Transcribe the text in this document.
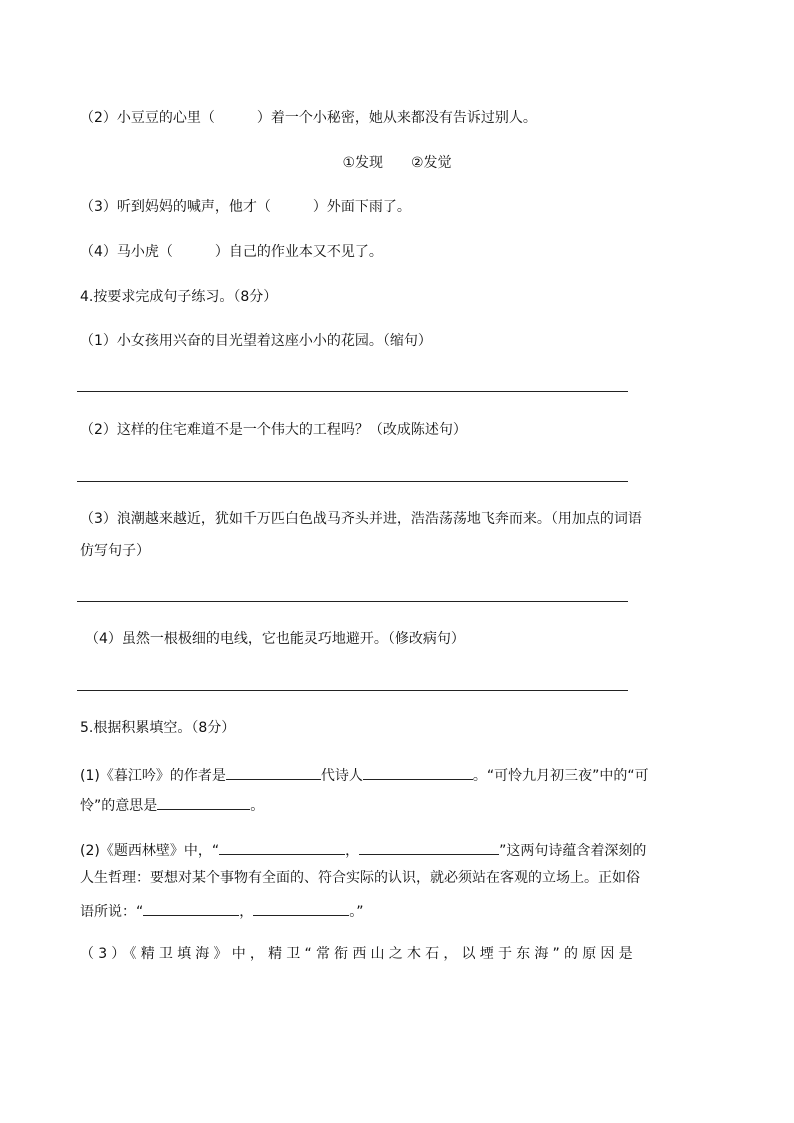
（2）小豆豆的心里（　　　）着一个小秘密，她从来都没有告诉过别人。
①发现　　②发觉
（3）听到妈妈的喊声，他才（　　　）外面下雨了。
（4）马小虎（　　　）自己的作业本又不见了。
4.按要求完成句子练习。（8分）
（1）小女孩用兴奋的目光望着这座小小的花园。（缩句）
（2）这样的住宅难道不是一个伟大的工程吗？（改成陈述句）
（3）浪潮越来越近，犹如千万匹白色战马齐头并进，浩浩荡荡地飞奔而来。（用加点的词语
仿写句子）
（4）虽然一根极细的电线，它也能灵巧地避开。（修改病句）
5.根据积累填空。（8分）
(1)《暮江吟》的作者是	代诗人	。“可怜九月初三夜”中的“可
怜”的意思是	。
(2)《题西林壁》中，“	，	”这两句诗蕴含着深刻的
人生哲理：要想对某个事物有全面的、符合实际的认识，就必须站在客观的立场上。正如俗
语所说：“	，	。”
（3）《精卫填海》中，精卫“常衔西山之木石，以堙于东海”的原因是
